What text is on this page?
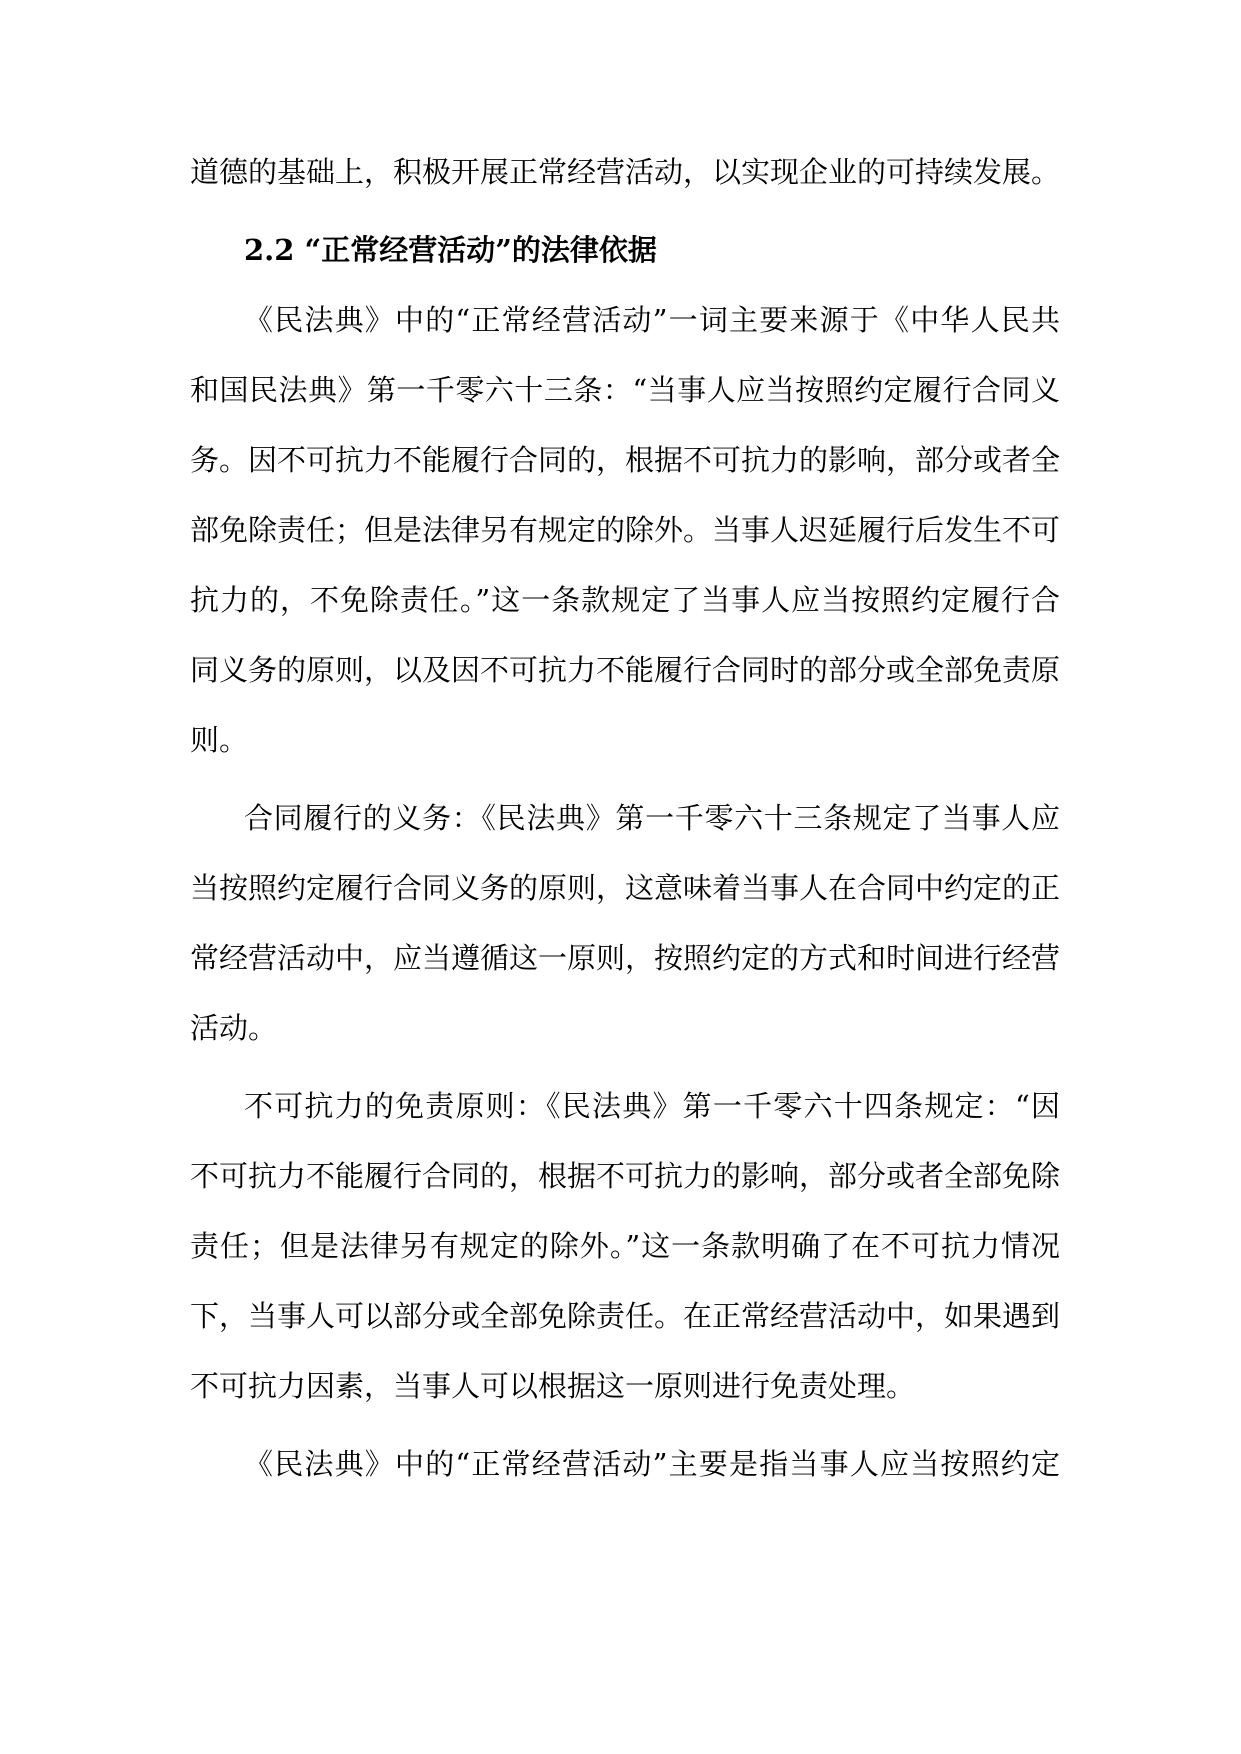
道德的基础上，积极开展正常经营活动，以实现企业的可持续发展。

2.2 “正常经营活动”的法律依据

《民法典》中的“正常经营活动”一词主要来源于《中华人民共

和国民法典》第一千零六十三条：“当事人应当按照约定履行合同义

务。因不可抗力不能履行合同的，根据不可抗力的影响，部分或者全

部免除责任；但是法律另有规定的除外。当事人迟延履行后发生不可

抗力的，不免除责任。”这一条款规定了当事人应当按照约定履行合

同义务的原则，以及因不可抗力不能履行合同时的部分或全部免责原

则。

合同履行的义务：《民法典》第一千零六十三条规定了当事人应

当按照约定履行合同义务的原则，这意味着当事人在合同中约定的正

常经营活动中，应当遵循这一原则，按照约定的方式和时间进行经营

活动。

不可抗力的免责原则：《民法典》第一千零六十四条规定：“因

不可抗力不能履行合同的，根据不可抗力的影响，部分或者全部免除

责任；但是法律另有规定的除外。”这一条款明确了在不可抗力情况

下，当事人可以部分或全部免除责任。在正常经营活动中，如果遇到

不可抗力因素，当事人可以根据这一原则进行免责处理。

《民法典》中的“正常经营活动”主要是指当事人应当按照约定
